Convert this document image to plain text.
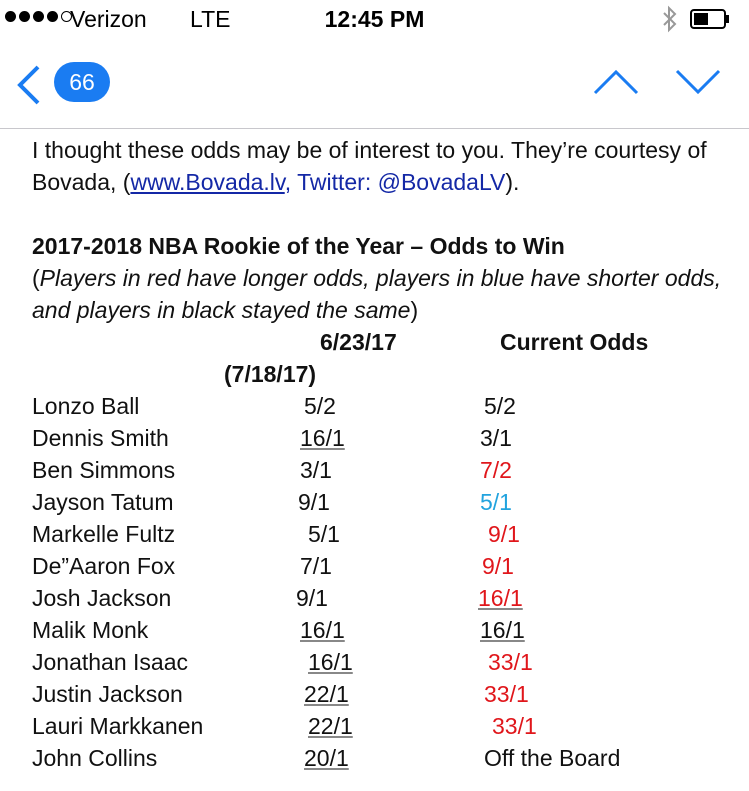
Verizon LTE	12:45 PM
66

I thought these odds may be of interest to you. They’re courtesy of Bovada, (www.Bovada.lv, Twitter: @BovadaLV).

2017-2018 NBA Rookie of the Year – Odds to Win
(Players in red have longer odds, players in blue have shorter odds, and players in black stayed the same)
6/23/17	Current Odds
(7/18/17)
Lonzo Ball	5/2	5/2
Dennis Smith	16/1	3/1
Ben Simmons	3/1	7/2
Jayson Tatum	9/1	5/1
Markelle Fultz	5/1	9/1
De”Aaron Fox	7/1	9/1
Josh Jackson	9/1	16/1
Malik Monk	16/1	16/1
Jonathan Isaac	16/1	33/1
Justin Jackson	22/1	33/1
Lauri Markkanen	22/1	33/1
John Collins	20/1	Off the Board
